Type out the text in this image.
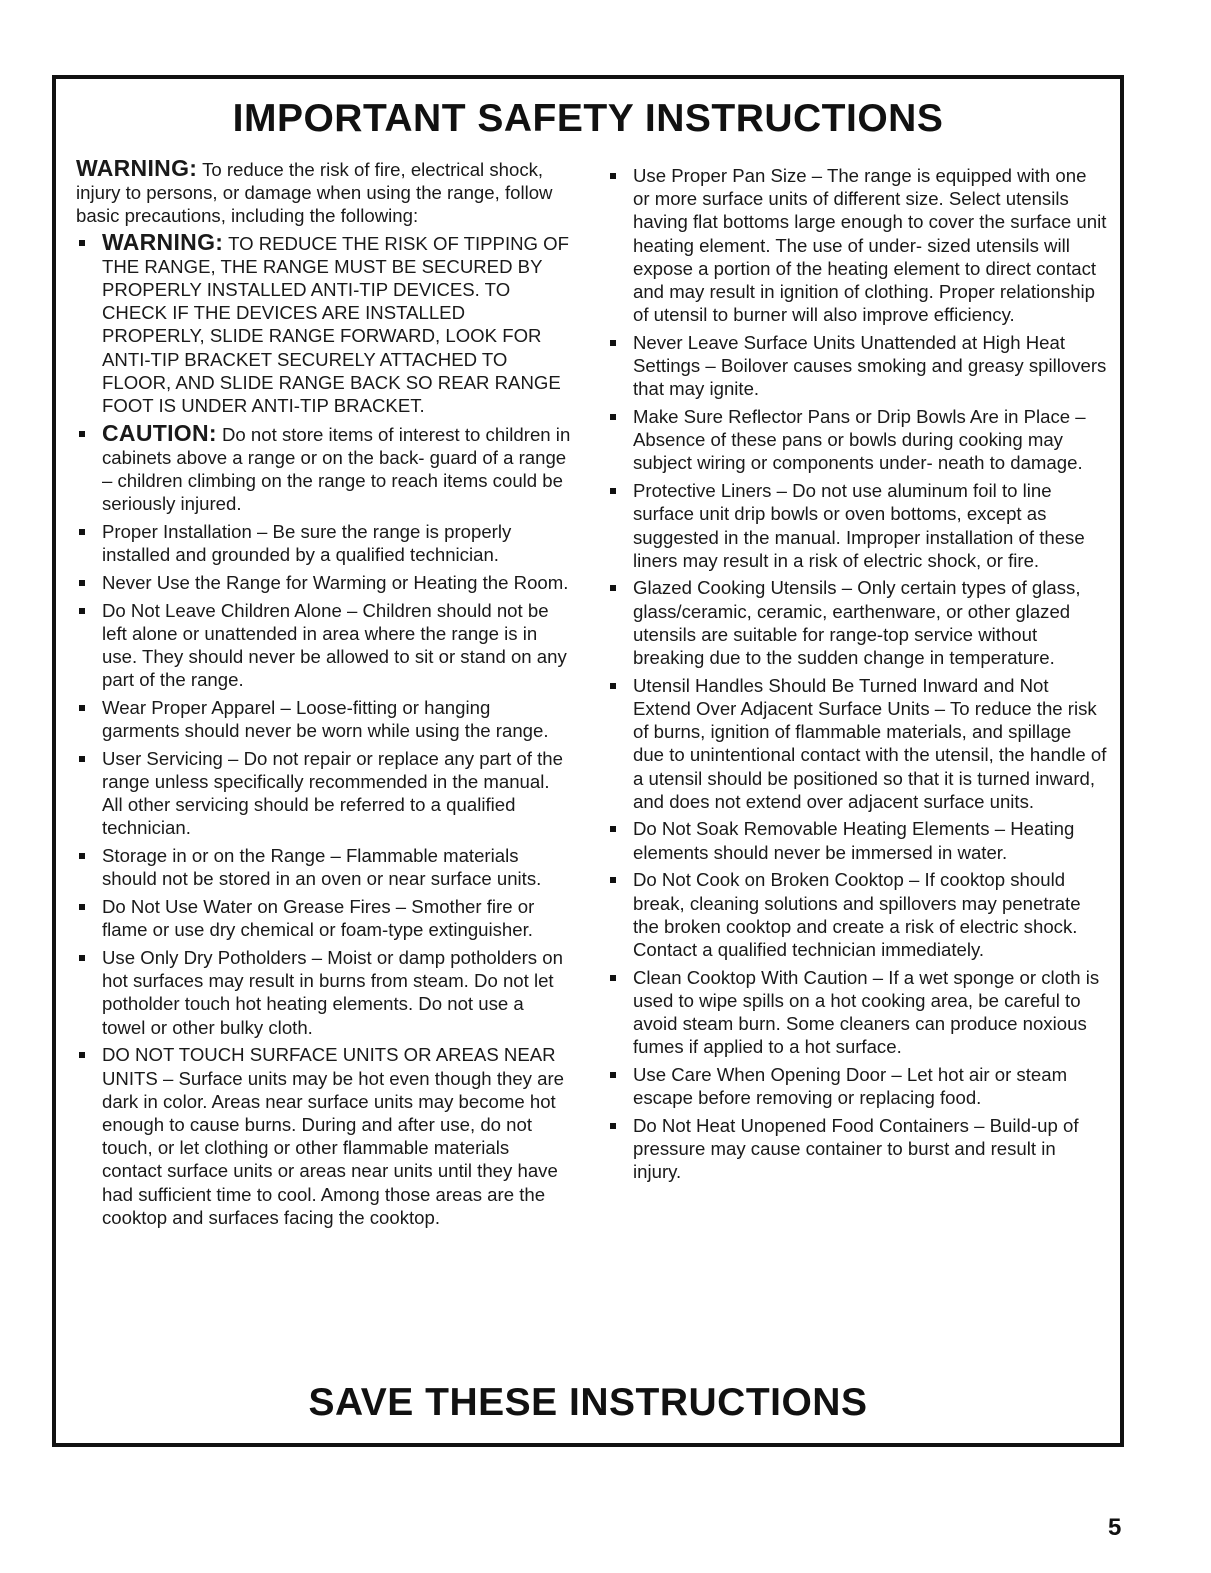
IMPORTANT SAFETY INSTRUCTIONS

WARNING: To reduce the risk of fire, electrical shock, injury to persons, or damage when using the range, follow basic precautions, including the following:

WARNING: TO REDUCE THE RISK OF TIPPING OF THE RANGE, THE RANGE MUST BE SECURED BY PROPERLY INSTALLED ANTI-TIP DEVICES. TO CHECK IF THE DEVICES ARE INSTALLED PROPERLY, SLIDE RANGE FORWARD, LOOK FOR ANTI-TIP BRACKET SECURELY ATTACHED TO FLOOR, AND SLIDE RANGE BACK SO REAR RANGE FOOT IS UNDER ANTI-TIP BRACKET.
CAUTION: Do not store items of interest to children in cabinets above a range or on the back- guard of a range – children climbing on the range to reach items could be seriously injured.
Proper Installation – Be sure the range is properly installed and grounded by a qualified technician.
Never Use the Range for Warming or Heating the Room.
Do Not Leave Children Alone – Children should not be left alone or unattended in area where the range is in use. They should never be allowed to sit or stand on any part of the range.
Wear Proper Apparel – Loose-fitting or hanging garments should never be worn while using the range.
User Servicing – Do not repair or replace any part of the range unless specifically recommended in the manual. All other servicing should be referred to a qualified technician.
Storage in or on the Range – Flammable materials should not be stored in an oven or near surface units.
Do Not Use Water on Grease Fires – Smother fire or flame or use dry chemical or foam-type extinguisher.
Use Only Dry Potholders – Moist or damp potholders on hot surfaces may result in burns from steam. Do not let potholder touch hot heating elements. Do not use a towel or other bulky cloth.
DO NOT TOUCH SURFACE UNITS OR AREAS NEAR UNITS – Surface units may be hot even though they are dark in color. Areas near surface units may become hot enough to cause burns. During and after use, do not touch, or let clothing or other flammable materials contact surface units or areas near units until they have had sufficient time to cool. Among those areas are the cooktop and surfaces facing the cooktop.
Use Proper Pan Size – The range is equipped with one or more surface units of different size. Select utensils having flat bottoms large enough to cover the surface unit heating element. The use of under- sized utensils will expose a portion of the heating element to direct contact and may result in ignition of clothing. Proper relationship of utensil to burner will also improve efficiency.
Never Leave Surface Units Unattended at High Heat Settings – Boilover causes smoking and greasy spillovers that may ignite.
Make Sure Reflector Pans or Drip Bowls Are in Place – Absence of these pans or bowls during cooking may subject wiring or components under- neath to damage.
Protective Liners – Do not use aluminum foil to line surface unit drip bowls or oven bottoms, except as suggested in the manual. Improper installation of these liners may result in a risk of electric shock, or fire.
Glazed Cooking Utensils – Only certain types of glass, glass/ceramic, ceramic, earthenware, or other glazed utensils are suitable for range-top service without breaking due to the sudden change in temperature.
Utensil Handles Should Be Turned Inward and Not Extend Over Adjacent Surface Units – To reduce the risk of burns, ignition of flammable materials, and spillage due to unintentional contact with the utensil, the handle of a utensil should be positioned so that it is turned inward, and does not extend over adjacent surface units.
Do Not Soak Removable Heating Elements – Heating elements should never be immersed in water.
Do Not Cook on Broken Cooktop – If cooktop should break, cleaning solutions and spillovers may penetrate the broken cooktop and create a risk of electric shock. Contact a qualified technician immediately.
Clean Cooktop With Caution – If a wet sponge or cloth is used to wipe spills on a hot cooking area, be careful to avoid steam burn. Some cleaners can produce noxious fumes if applied to a hot surface.
Use Care When Opening Door – Let hot air or steam escape before removing or replacing food.
Do Not Heat Unopened Food Containers – Build-up of pressure may cause container to burst and result in injury.
SAVE THESE INSTRUCTIONS
5
